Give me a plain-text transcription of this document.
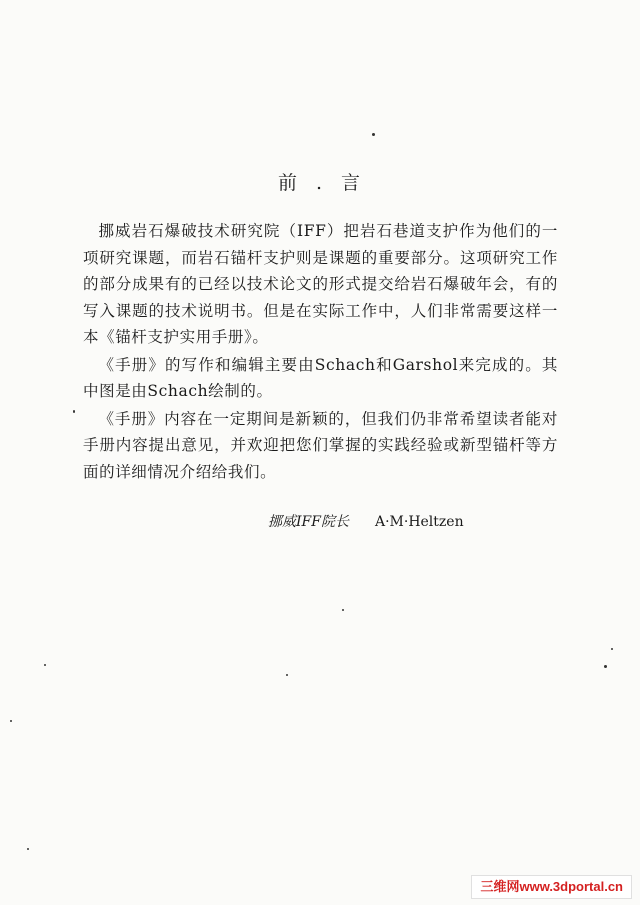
前 . 言

挪威岩石爆破技术研究院（IFF）把岩石巷道支护作为他们的一项研究课题，而岩石锚杆支护则是课题的重要部分。这项研究工作的部分成果有的已经以技术论文的形式提交给岩石爆破年会，有的写入课题的技术说明书。但是在实际工作中，人们非常需要这样一本《锚杆支护实用手册》。

《手册》的写作和编辑主要由Schach和Garshol来完成的。其中图是由Schach绘制的。

《手册》内容在一定期间是新颖的，但我们仍非常希望读者能对手册内容提出意见，并欢迎把您们掌握的实践经验或新型锚杆等方面的详细情况介绍给我们。

挪威IFF院长 A·M·Heltzen
三维网www.3dportal.cn
